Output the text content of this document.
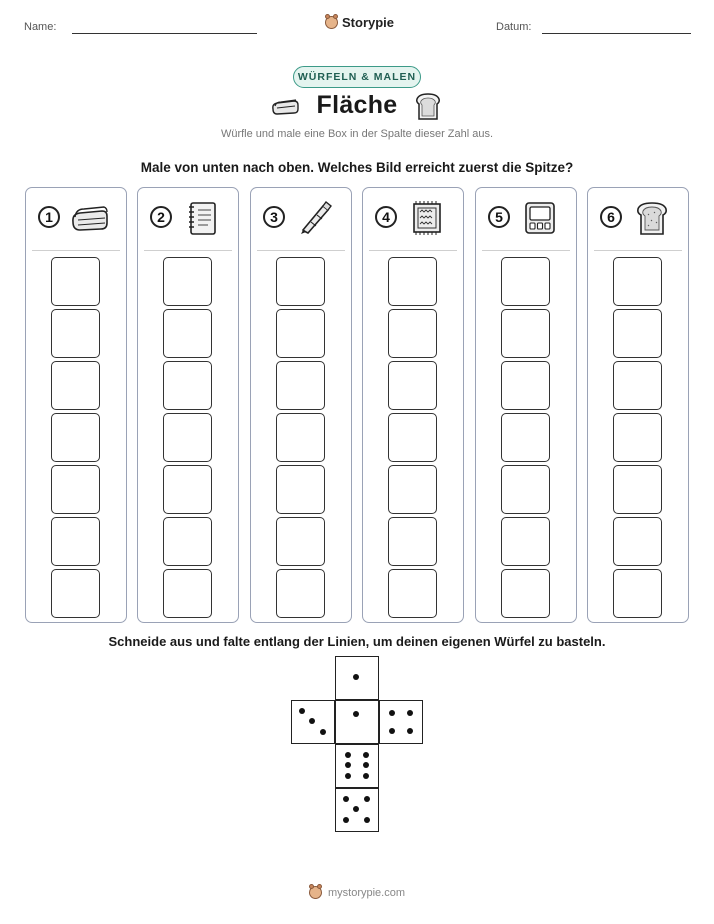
Name:	Storypie	Datum:
WÜRFELN & MALEN
Fläche
Würfle und male eine Box in der Spalte dieser Zahl aus.
Male von unten nach oben. Welches Bild erreicht zuerst die Spitze?
1	2	3	4	5	6
Schneide aus und falte entlang der Linien, um deinen eigenen Würfel zu basteln.
mystorypie.com
